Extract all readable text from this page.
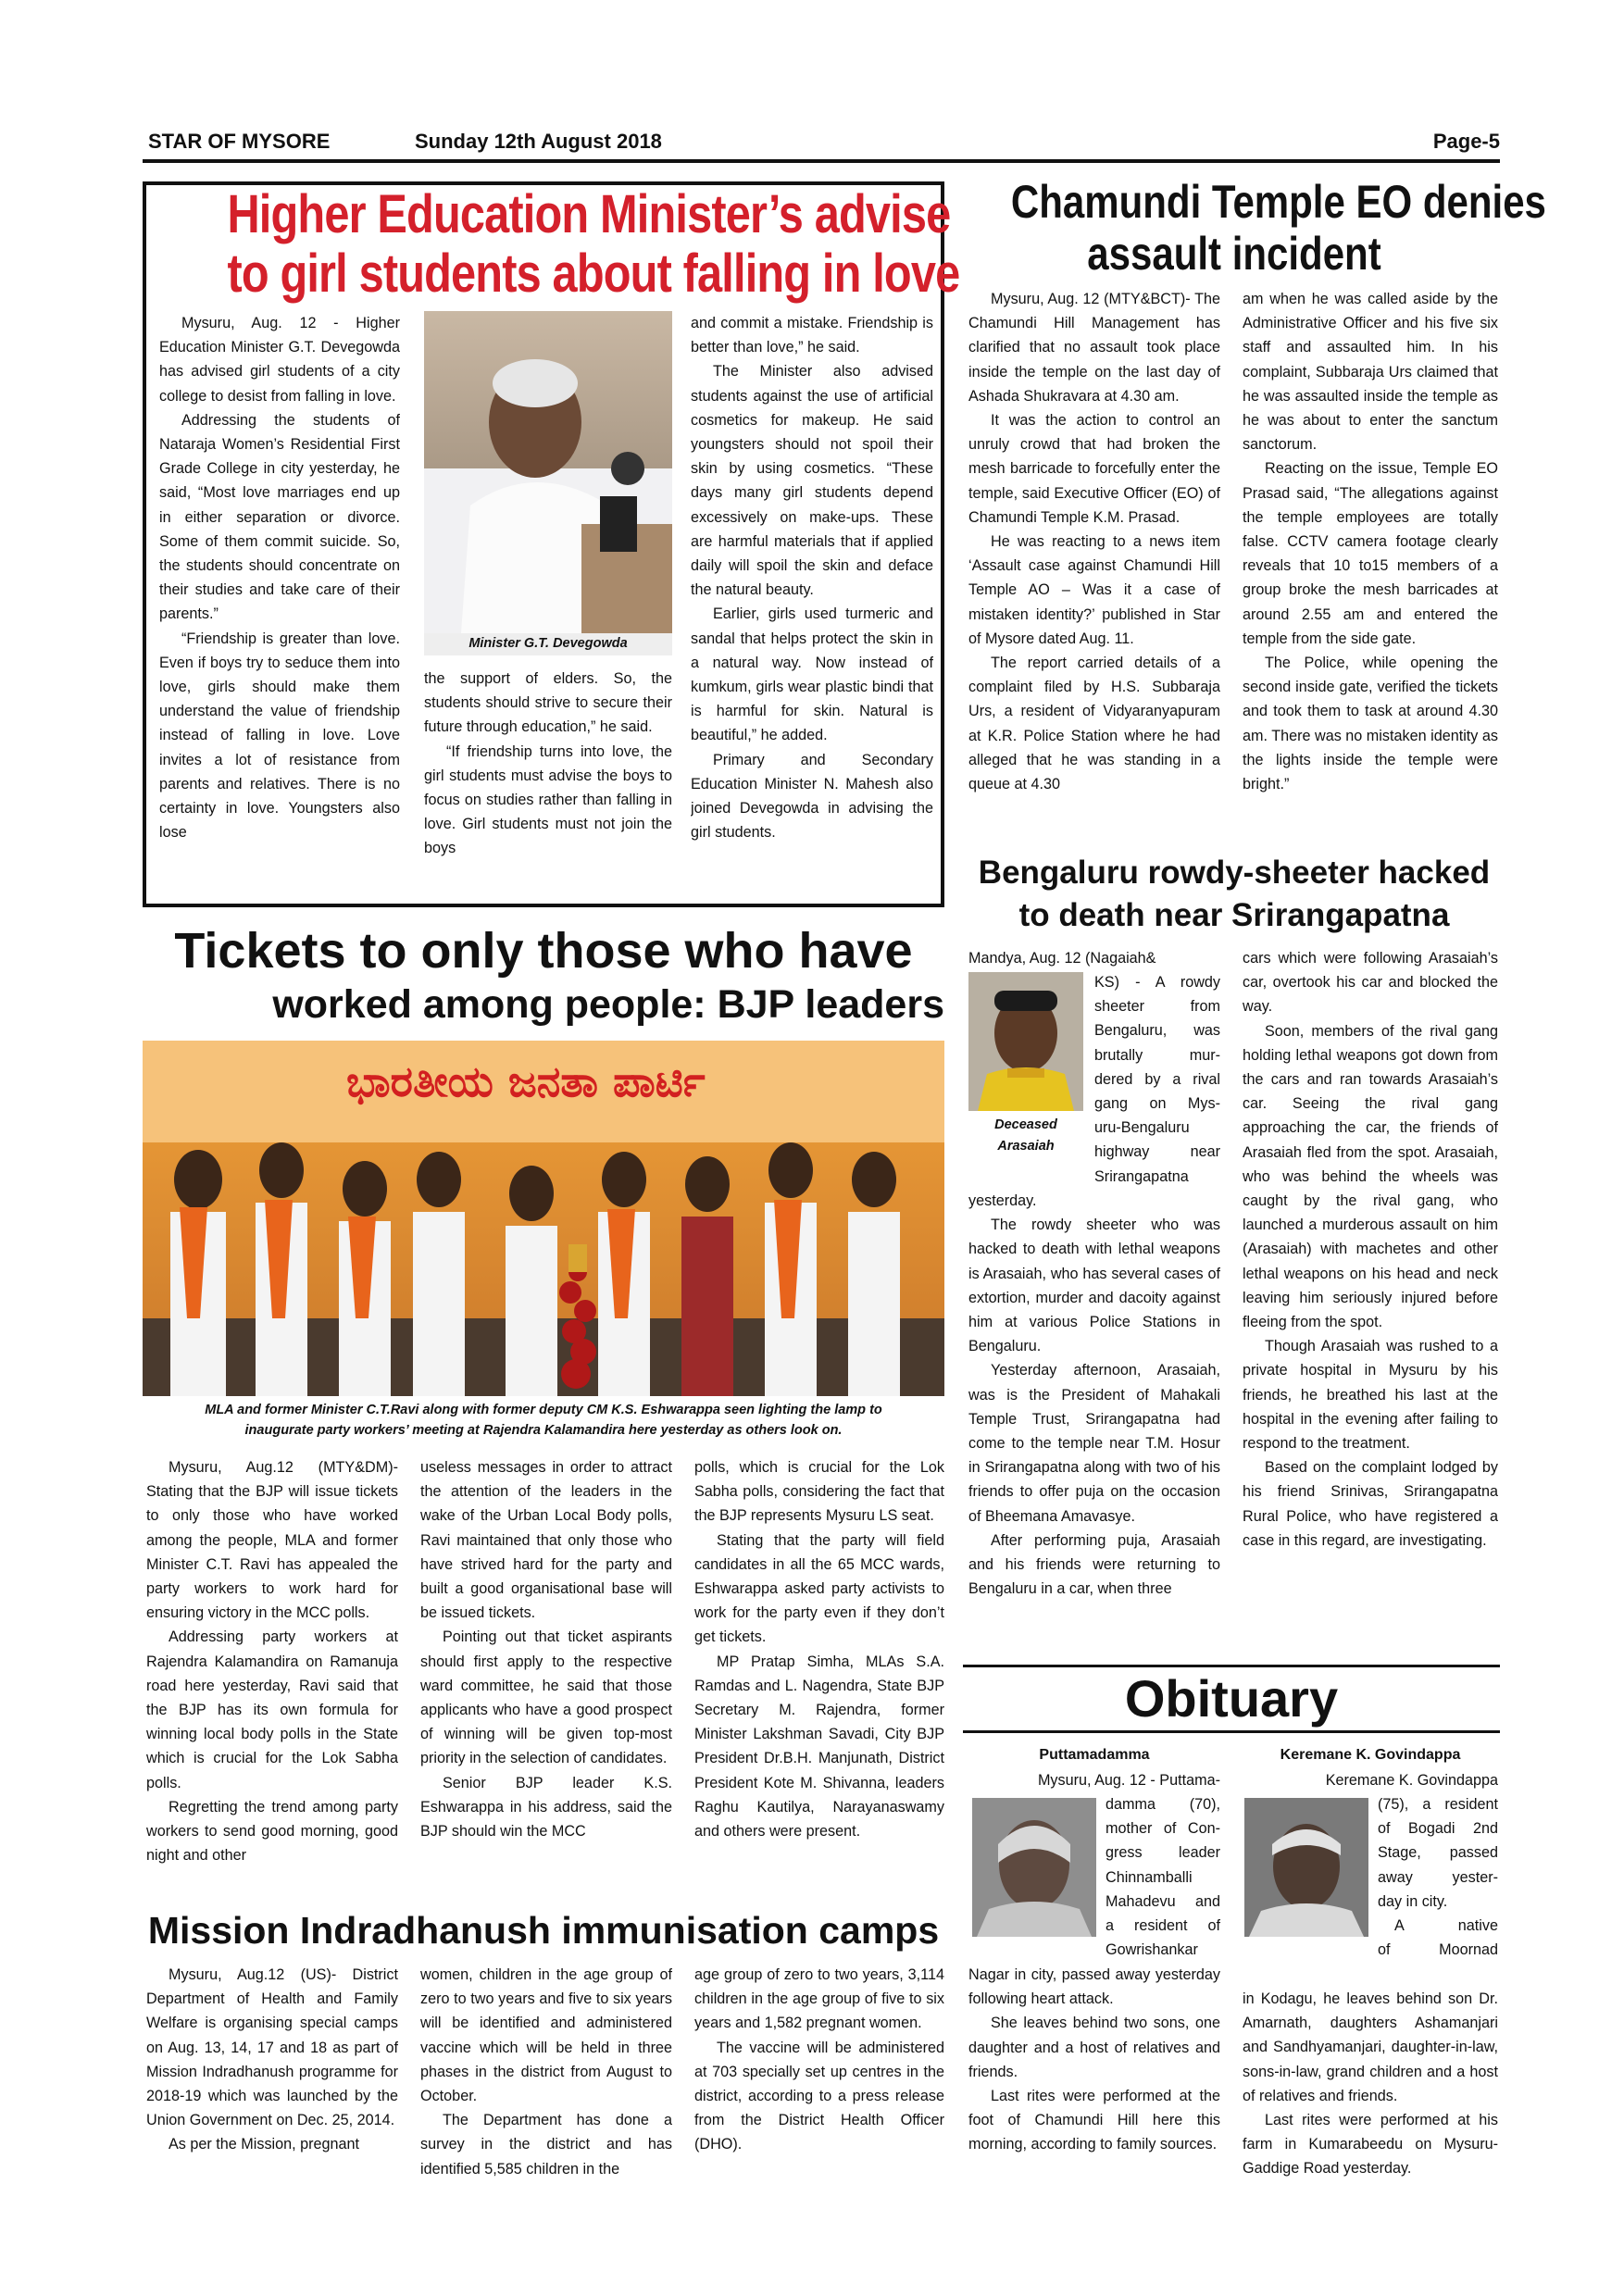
STAR OF MYSORE	Sunday 12th August 2018	Page-5
Higher Education Minister’s advise
to girl students about falling in love

Mysuru, Aug. 12 - Higher Education Minister G.T. Devegowda has advised girl students of a city college to desist from falling in love.

Addressing the students of Nataraja Women’s Residential First Grade College in city yesterday, he said, “Most love marriages end up in either separation or divorce. Some of them commit suicide. So, the students should concentrate on their studies and take care of their parents.”

“Friendship is greater than love. Even if boys try to seduce them into love, girls should make them understand the value of friendship instead of falling in love. Love invites a lot of resistance from parents and relatives. There is no certainty in love. Youngsters also lose

Minister G.T. Devegowda

the support of elders. So, the students should strive to secure their future through education,” he said.

“If friendship turns into love, the girl students must advise the boys to focus on studies rather than falling in love. Girl students must not join the boys

and commit a mistake. Friendship is better than love,” he said.

The Minister also advised students against the use of artificial cosmetics for makeup. He said youngsters should not spoil their skin by using cosmetics. “These days many girl students depend excessively on make-ups. These are harmful materials that if applied daily will spoil the skin and deface the natural beauty.

Earlier, girls used turmeric and sandal that helps protect the skin in a natural way. Now instead of kumkum, girls wear plastic bindi that is harmful for skin. Natural is beautiful,” he added.

Primary and Secondary Education Minister N. Mahesh also joined Devegowda in advising the girl students.

Chamundi Temple EO denies
assault incident

Mysuru, Aug. 12 (MTY&BCT)- The Chamundi Hill Management has clarified that no assault took place inside the temple on the last day of Ashada Shukravara at 4.30 am.

It was the action to control an unruly crowd that had broken the mesh barricade to forcefully enter the temple, said Executive Officer (EO) of Chamundi Temple K.M. Prasad.

He was reacting to a news item ‘Assault case against Chamundi Hill Temple AO – Was it a case of mistaken identity?’ published in Star of Mysore dated Aug. 11.

The report carried details of a complaint filed by H.S. Subbaraja Urs, a resident of Vidyaranyapuram at K.R. Police Station where he had alleged that he was standing in a queue at 4.30

am when he was called aside by the Administrative Officer and his five six staff and assaulted him. In his complaint, Subbaraja Urs claimed that he was assaulted inside the temple as he was about to enter the sanctum sanctorum.

Reacting on the issue, Temple EO Prasad said, “The allegations against the temple employees are totally false. CCTV camera footage clearly reveals that 10 to15 members of a group broke the mesh barricades at around 2.55 am and entered the temple from the side gate.

The Police, while opening the second inside gate, verified the tickets and took them to task at around 4.30 am. There was no mistaken identity as the lights inside the temple were bright.”

Bengaluru rowdy-sheeter hacked
to death near Srirangapatna
Mandya, Aug. 12 (Nagaiah&
Deceased
Arasaiah
KS) - A rowdy
sheeter from
Bengaluru, was
brutally mur-
dered by a rival
gang on Mys-
uru-Bengaluru
highway near
Srirangapatna

yesterday.

The rowdy sheeter who was hacked to death with lethal weapons is Arasaiah, who has several cases of extortion, murder and dacoity against him at various Police Stations in Bengaluru.

Yesterday afternoon, Arasaiah, was is the President of Mahakali Temple Trust, Srirangapatna had come to the temple near T.M. Hosur in Srirangapatna along with two of his friends to offer puja on the occasion of Bheemana Amavasye.

After performing puja, Arasaiah and his friends were returning to Bengaluru in a car, when three

cars which were following Arasaiah’s car, overtook his car and blocked the way.

Soon, members of the rival gang holding lethal weapons got down from the cars and ran towards Arasaiah’s car. Seeing the rival gang approaching the car, the friends of Arasaiah fled from the spot. Arasaiah, who was behind the wheels was caught by the rival gang, who launched a murderous assault on him (Arasaiah) with machetes and other lethal weapons on his head and neck leaving him seriously injured before fleeing from the spot.

Though Arasaiah was rushed to a private hospital in Mysuru by his friends, he breathed his last at the hospital in the evening after failing to respond to the treatment.

Based on the complaint lodged by his friend Srinivas, Srirangapatna Rural Police, who have registered a case in this regard, are investigating.

Tickets to only those who have
worked among people: BJP leaders
ಭಾರತೀಯ ಜನತಾ ಪಾರ್ಟಿ
MLA and former Minister C.T.Ravi along with former deputy CM K.S. Eshwarappa seen lighting the lamp to
inaugurate party workers’ meeting at Rajendra Kalamandira here yesterday as others look on.

Mysuru, Aug.12 (MTY&DM)- Stating that the BJP will issue tickets to only those who have worked among the people, MLA and former Minister C.T. Ravi has appealed the party workers to work hard for ensuring victory in the MCC polls.

Addressing party workers at Rajendra Kalamandira on Ramanuja road here yesterday, Ravi said that the BJP has its own formula for winning local body polls in the State which is crucial for the Lok Sabha polls.

Regretting the trend among party workers to send good morning, good night and other

useless messages in order to attract the attention of the leaders in the wake of the Urban Local Body polls, Ravi maintained that only those who have strived hard for the party and built a good organisational base will be issued tickets.

Pointing out that ticket aspirants should first apply to the respective ward committee, he said that those applicants who have a good prospect of winning will be given top-most priority in the selection of candidates.

Senior BJP leader K.S. Eshwarappa in his address, said the BJP should win the MCC

polls, which is crucial for the Lok Sabha polls, considering the fact that the BJP represents Mysuru LS seat.

Stating that the party will field candidates in all the 65 MCC wards, Eshwarappa asked party activists to work for the party even if they don’t get tickets.

MP Pratap Simha, MLAs S.A. Ramdas and L. Nagendra, State BJP Secretary M. Rajendra, former Minister Lakshman Savadi, City BJP President Dr.B.H. Manjunath, District President Kote M. Shivanna, leaders Raghu Kautilya, Narayanaswamy and others were present.

Mission Indradhanush immunisation camps

Mysuru, Aug.12 (US)- District Department of Health and Family Welfare is organising special camps on Aug. 13, 14, 17 and 18 as part of Mission Indradhanush programme for 2018-19 which was launched by the Union Government on Dec. 25, 2014.

As per the Mission, pregnant

women, children in the age group of zero to two years and five to six years will be identified and administered vaccine which will be held in three phases in the district from August to October.

The Department has done a survey in the district and has identified 5,585 children in the

age group of zero to two years, 3,114 children in the age group of five to six years and 1,582 pregnant women.

The vaccine will be administered at 703 specially set up centres in the district, according to a press release from the District Health Officer (DHO).

Obituary
Puttamadamma
Mysuru, Aug. 12 - Puttama-
damma (70),
mother of Con-
gress leader
Chinnamballi
Mahadevu and
a resident of
Gowrishankar

Nagar in city, passed away yesterday following heart attack.

She leaves behind two sons, one daughter and a host of relatives and friends.

Last rites were performed at the foot of Chamundi Hill here this morning, according to family sources.

Keremane K. Govindappa
Keremane K. Govindappa
(75), a resident
of Bogadi 2nd
Stage, passed
away yester-
day in city.
A native
of Moornad

in Kodagu, he leaves behind son Dr. Amarnath, daughters Ashamanjari and Sandhyamanjari, daughter-in-law, sons-in-law, grand children and a host of relatives and friends.

Last rites were performed at his farm in Kumarabeedu on Mysuru-Gaddige Road yesterday.
